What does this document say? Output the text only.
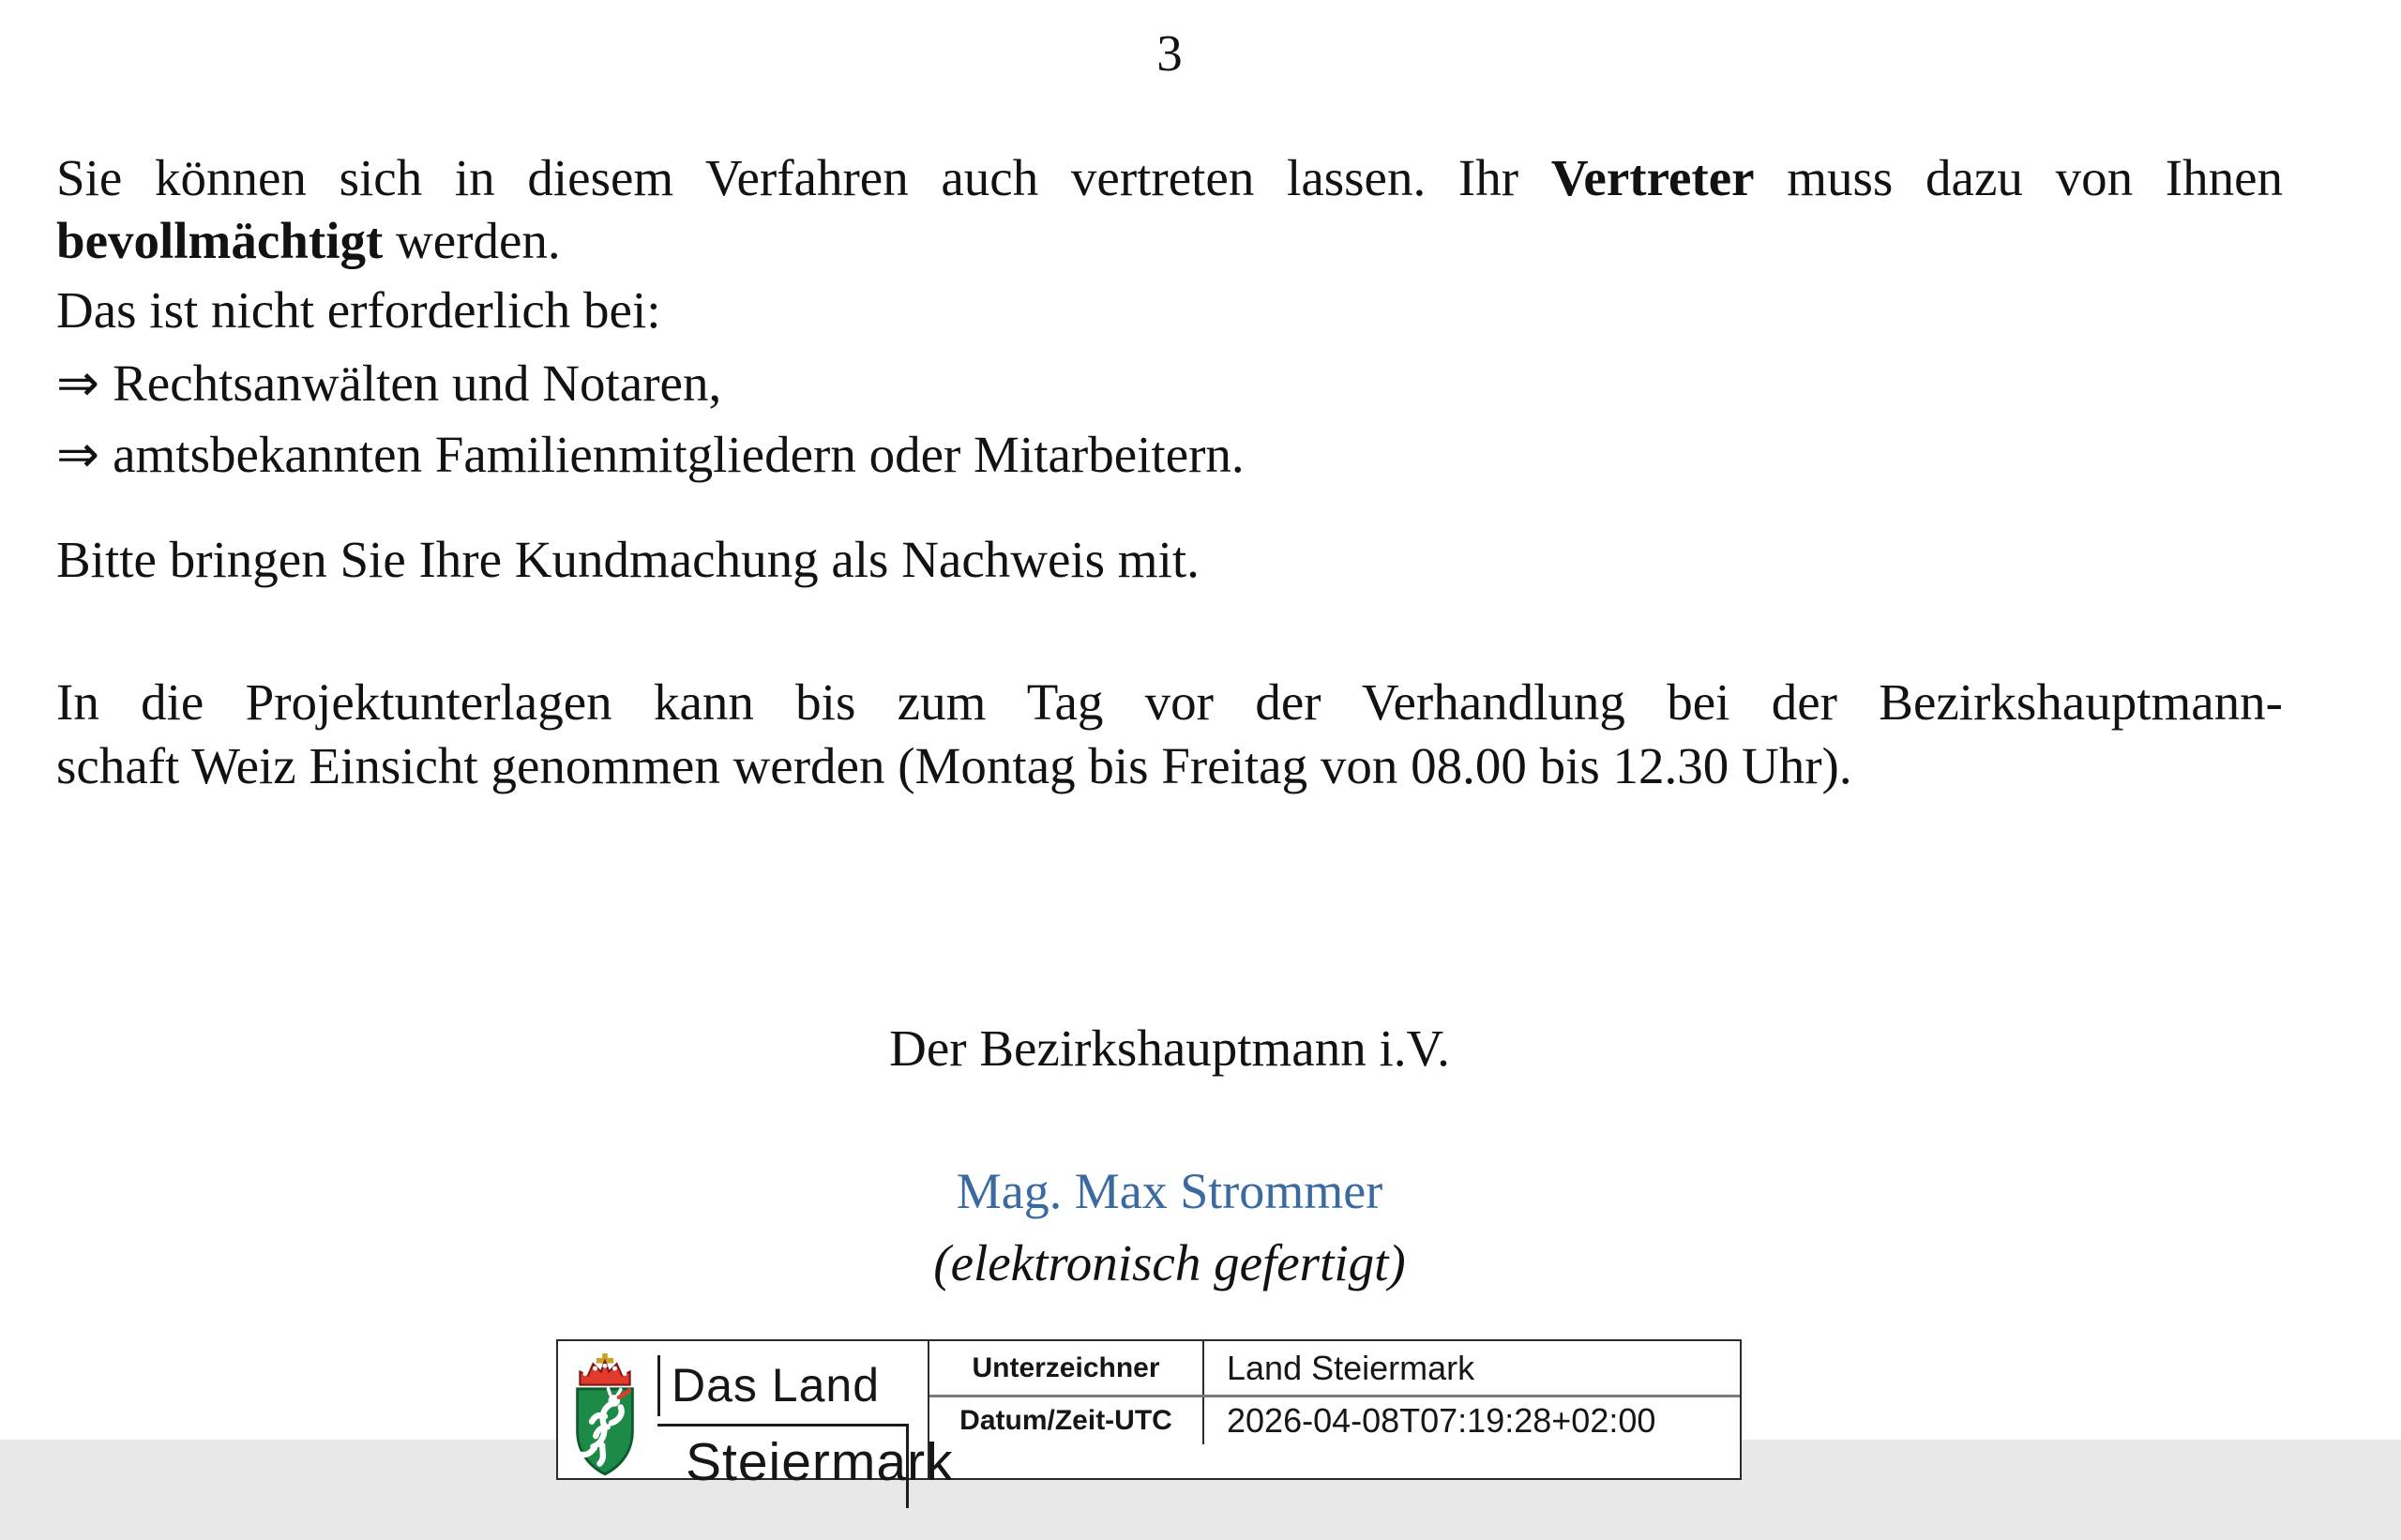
3
Sie können sich in diesem Verfahren auch vertreten lassen. Ihr Vertreter muss dazu von Ihnen
bevollmächtigt werden.
Das ist nicht erforderlich bei:
⇒ Rechtsanwälten und Notaren,
⇒ amtsbekannten Familienmitgliedern oder Mitarbeitern.
Bitte bringen Sie Ihre Kundmachung als Nachweis mit.
In die Projektunterlagen kann bis zum Tag vor der Verhandlung bei der Bezirkshauptmann-
schaft Weiz Einsicht genommen werden (Montag bis Freitag von 08.00 bis 12.30 Uhr).
Der Bezirkshauptmann i.V.
Mag. Max Strommer
(elektronisch gefertigt)
Das Land
Steiermark
Unterzeichner	Land Steiermark
Datum/Zeit-UTC	2026-04-08T07:19:28+02:00
